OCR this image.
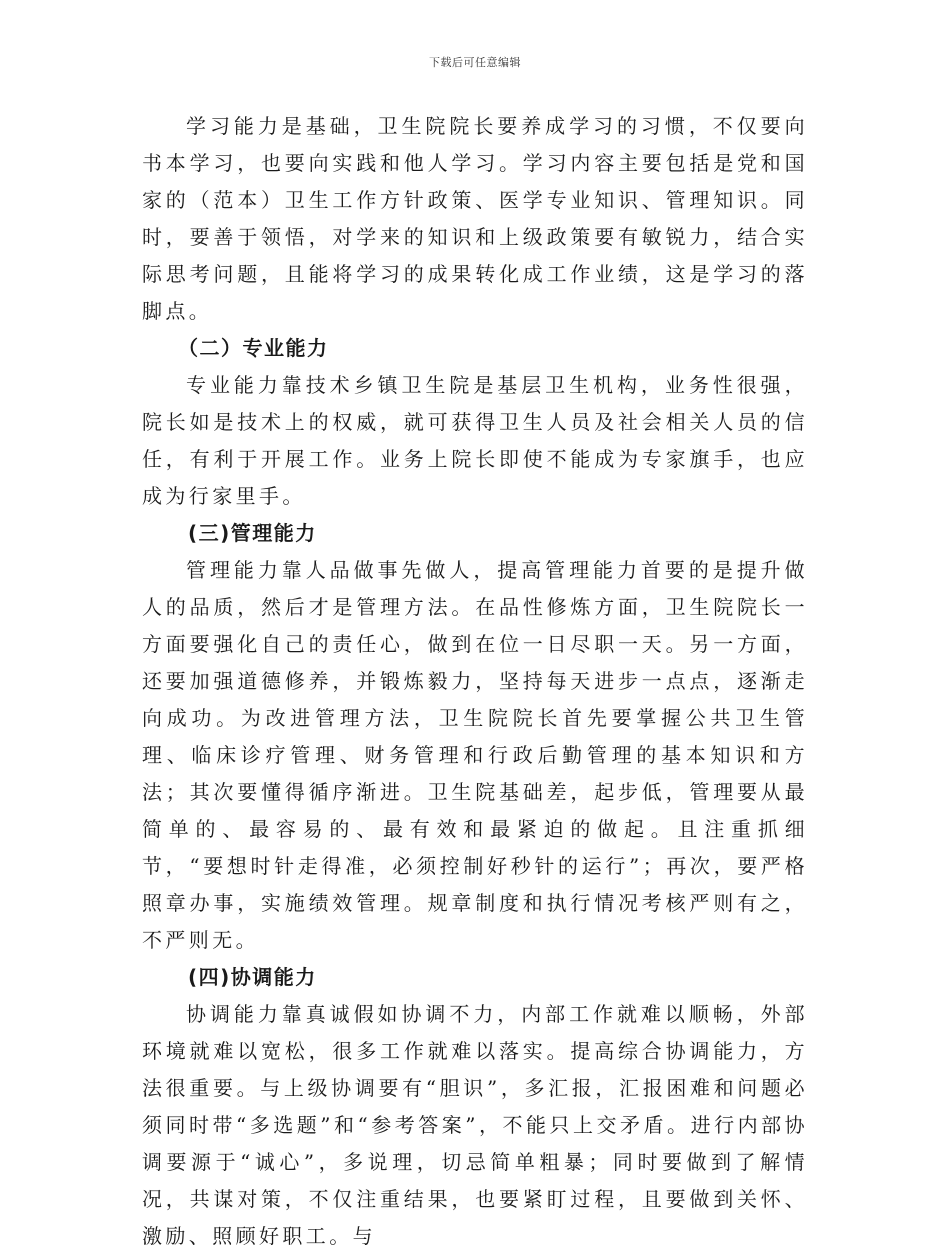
下载后可任意编辑

学习能力是基础，卫生院院长要养成学习的习惯，不仅要向书本学习，也要向实践和他人学习。学习内容主要包括是党和国家的（范本）卫生工作方针政策、医学专业知识、管理知识。同时，要善于领悟，对学来的知识和上级政策要有敏锐力，结合实际思考问题，且能将学习的成果转化成工作业绩，这是学习的落脚点。

（二）专业能力

专业能力靠技术乡镇卫生院是基层卫生机构，业务性很强，院长如是技术上的权威，就可获得卫生人员及社会相关人员的信任，有利于开展工作。业务上院长即使不能成为专家旗手，也应成为行家里手。

(三)管理能力

管理能力靠人品做事先做人，提高管理能力首要的是提升做人的品质，然后才是管理方法。在品性修炼方面，卫生院院长一方面要强化自己的责任心，做到在位一日尽职一天。另一方面，还要加强道德修养，并锻炼毅力，坚持每天进步一点点，逐渐走向成功。为改进管理方法，卫生院院长首先要掌握公共卫生管理、临床诊疗管理、财务管理和行政后勤管理的基本知识和方法；其次要懂得循序渐进。卫生院基础差，起步低，管理要从最简单的、最容易的、最有效和最紧迫的做起。且注重抓细节，“要想时针走得准，必须控制好秒针的运行”；再次，要严格照章办事，实施绩效管理。规章制度和执行情况考核严则有之，不严则无。

(四)协调能力

协调能力靠真诚假如协调不力，内部工作就难以顺畅，外部环境就难以宽松，很多工作就难以落实。提高综合协调能力，方法很重要。与上级协调要有“胆识”，多汇报，汇报困难和问题必须同时带“多选题”和“参考答案”，不能只上交矛盾。进行内部协调要源于“诚心”，多说理，切忌简单粗暴；同时要做到了解情况，共谋对策，不仅注重结果，也要紧盯过程，且要做到关怀、激励、照顾好职工。与
